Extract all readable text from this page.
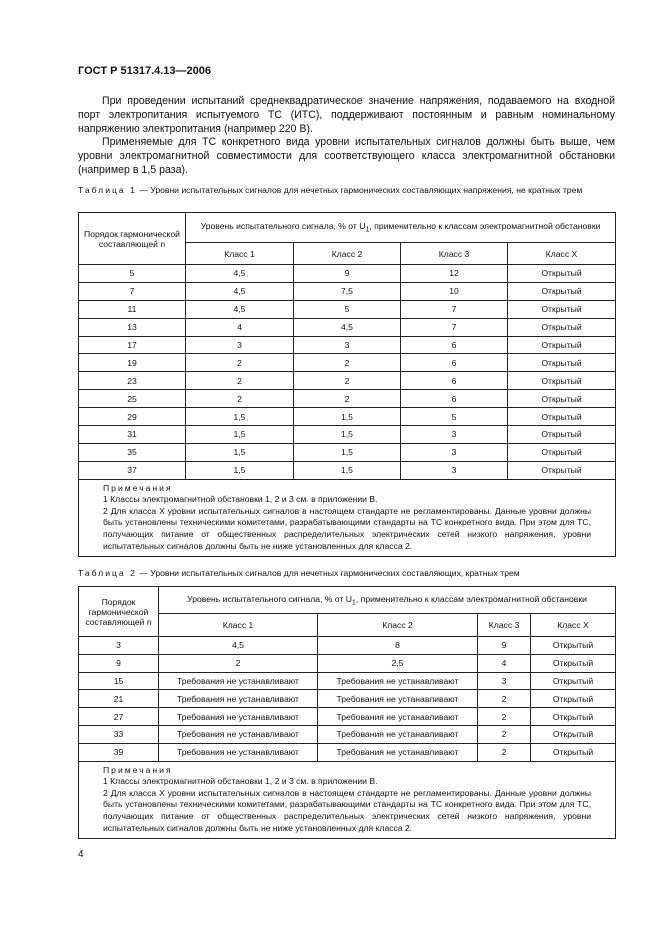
ГОСТ Р 51317.4.13—2006

При проведении испытаний среднеквадратическое значение напряжения, подаваемого на входной порт электропитания испытуемого ТС (ИТС), поддерживают постоянным и равным номинальному напряжению электропитания (например 220 В).

Применяемые для ТС конкретного вида уровни испытательных сигналов должны быть выше, чем уровни электромагнитной совместимости для соответствующего класса электромагнитной обстановки (например в 1,5 раза).

Таблица 1 — Уровни испытательных сигналов для нечетных гармонических составляющих напряжения, не кратных трем

Порядок гармонической составляющей n	Уровень испытательного сигнала, % от $U_1$, применительно к классам электромагнитной обстановки			
	Класс 1	Класс 2	Класс 3	Класс X
5	4,5	9	12	Открытый
7	4,5	7,5	10	Открытый
11	4,5	5	7	Открытый
13	4	4,5	7	Открытый
17	3	3	6	Открытый
19	2	2	6	Открытый
23	2	2	6	Открытый
25	2	2	6	Открытый
29	1,5	1,5	5	Открытый
31	1,5	1,5	3	Открытый
35	1,5	1,5	3	Открытый
37	1,5	1,5	3	Открытый

Примечания
1 Классы электромагнитной обстановки 1, 2 и 3 см. в приложении В.
2 Для класса X уровни испытательных сигналов в настоящем стандарте не регламентированы. Данные уровни должны быть установлены техническими комитетами, разрабатывающими стандарты на ТС конкретного вида. При этом для ТС, получающих питание от общественных распределительных электрических сетей низкого напряжения, уровни испытательных сигналов должны быть не ниже установленных для класса 2.				

Таблица 2 — Уровни испытательных сигналов для нечетных гармонических составляющих, кратных трем

Порядок гармонической составляющей n	Уровень испытательного сигнала, % от $U_1$, применительно к классам электромагнитной обстановки			
	Класс 1	Класс 2	Класс 3	Класс X
3	4,5	8	9	Открытый
9	2	2,5	4	Открытый
15	Требования не устанавливают	Требования не устанавливают	3	Открытый
21	Требования не устанавливают	Требования не устанавливают	2	Открытый
27	Требования не устанавливают	Требования не устанавливают	2	Открытый
33	Требования не устанавливают	Требования не устанавливают	2	Открытый
39	Требования не устанавливают	Требования не устанавливают	2	Открытый

Примечания
1 Классы электромагнитной обстановки 1, 2 и 3 см. в приложении В.
2 Для класса X уровни испытательных сигналов в настоящем стандарте не регламентированы. Данные уровни должны быть установлены техническими комитетами, разрабатывающими стандарты на ТС конкретного вида. При этом для ТС, получающих питание от общественных распределительных электрических сетей низкого напряжения, уровни испытательных сигналов должны быть не ниже установленных для класса 2.				
4
